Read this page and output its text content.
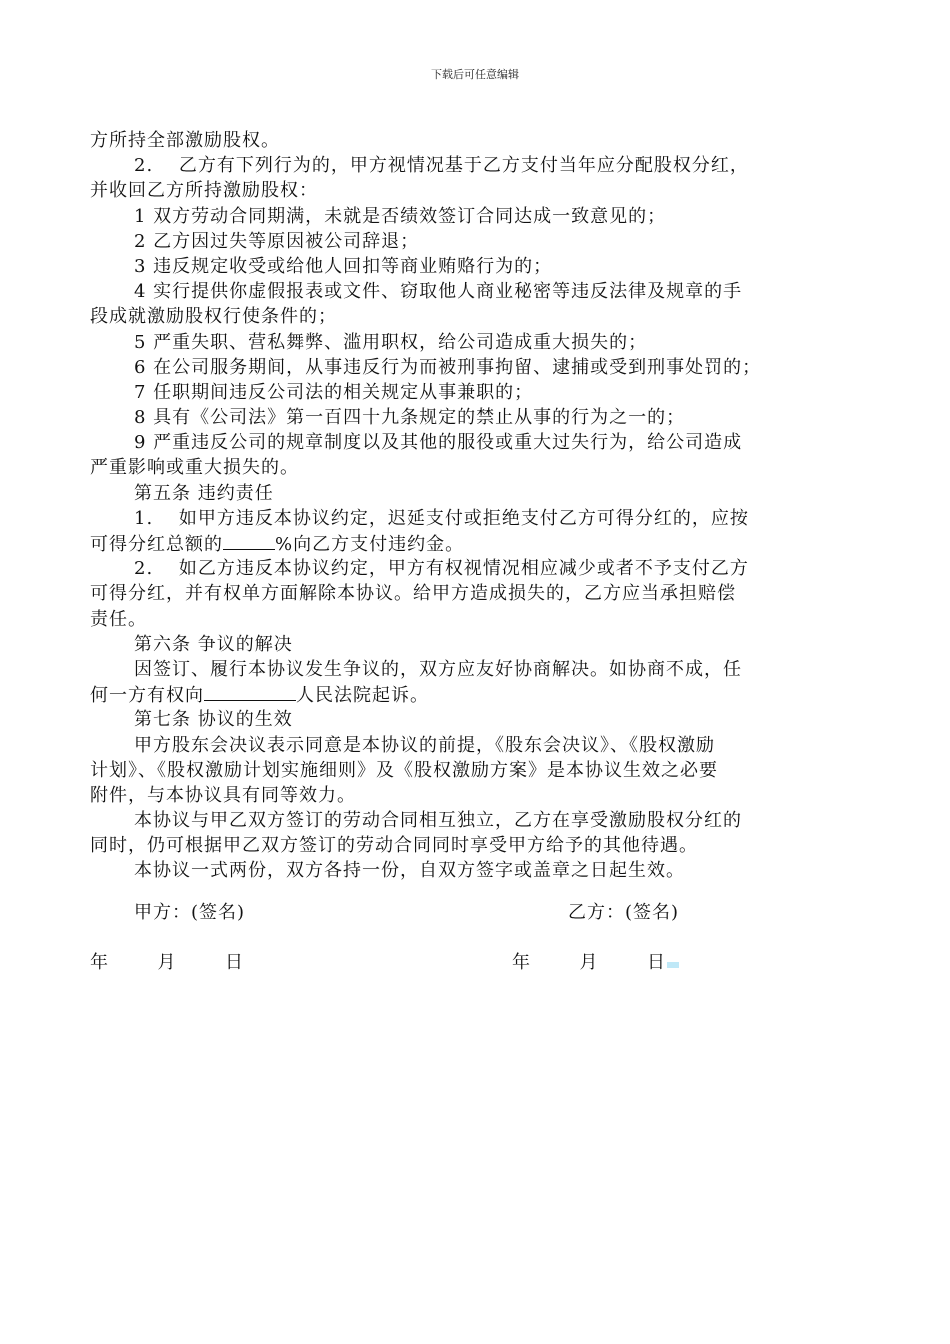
下载后可任意编辑
方所持全部激励股权。
2.　 乙方有下列行为的，甲方视情况基于乙方支付当年应分配股权分红，
并收回乙方所持激励股权：
1 双方劳动合同期满，未就是否绩效签订合同达成一致意见的；
2 乙方因过失等原因被公司辞退；
3 违反规定收受或给他人回扣等商业贿赂行为的；
4 实行提供你虚假报表或文件、窃取他人商业秘密等违反法律及规章的手
段成就激励股权行使条件的；
5 严重失职、营私舞弊、滥用职权，给公司造成重大损失的；
6 在公司服务期间，从事违反行为而被刑事拘留、逮捕或受到刑事处罚的；
7 任职期间违反公司法的相关规定从事兼职的；
8 具有《公司法》第一百四十九条规定的禁止从事的行为之一的；
9 严重违反公司的规章制度以及其他的服役或重大过失行为，给公司造成
严重影响或重大损失的。
第五条 违约责任
1.　 如甲方违反本协议约定，迟延支付或拒绝支付乙方可得分红的，应按
可得分红总额的	%向乙方支付违约金。
2.　 如乙方违反本协议约定，甲方有权视情况相应减少或者不予支付乙方
可得分红，并有权单方面解除本协议。给甲方造成损失的，乙方应当承担赔偿
责任。
第六条 争议的解决
因签订、履行本协议发生争议的，双方应友好协商解决。如协商不成，任
何一方有权向	人民法院起诉。
第七条 协议的生效
甲方股东会决议表示同意是本协议的前提，《股东会决议》、《股权激励
计划》、《股权激励计划实施细则》及《股权激励方案》是本协议生效之必要
附件，与本协议具有同等效力。
本协议与甲乙双方签订的劳动合同相互独立，乙方在享受激励股权分红的
同时，仍可根据甲乙双方签订的劳动合同同时享受甲方给予的其他待遇。
本协议一式两份，双方各持一份，自双方签字或盖章之日起生效。
甲方：(签名)	乙方：(签名)
年	月	日	年	月	日
